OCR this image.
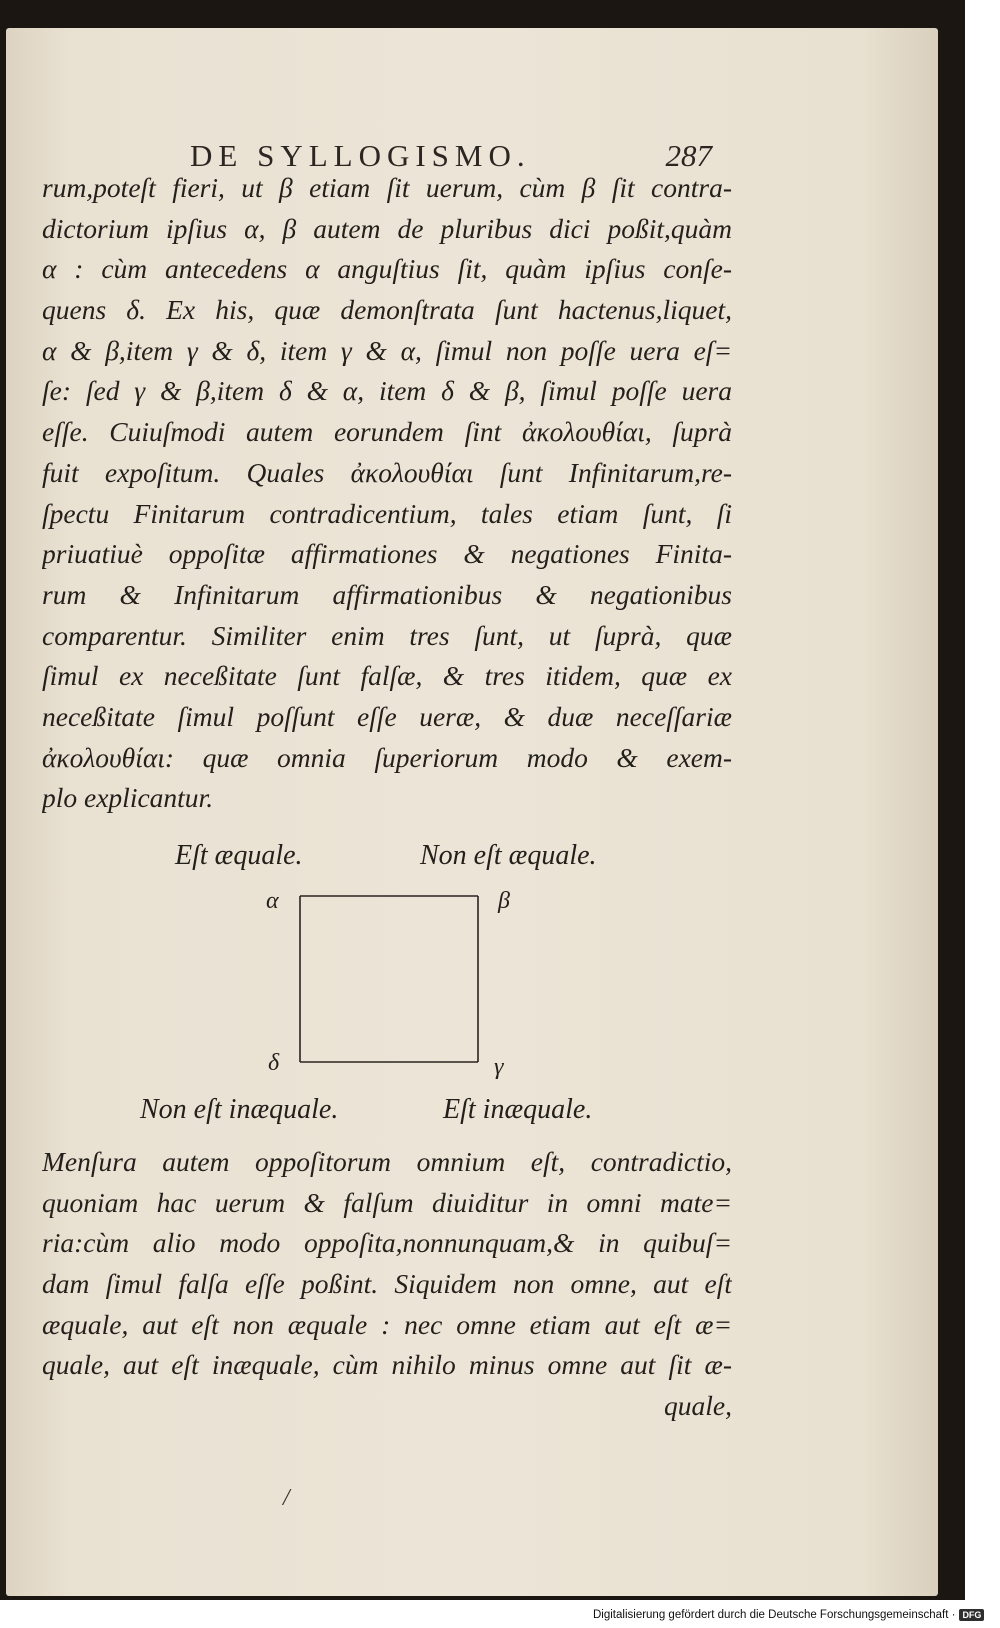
DE SYLLOGISMO.	287
rum,poteſt fieri, ut β etiam ſit uerum, cùm β ſit contra-
dictorium ipſius α, β autem de pluribus dici poßit,quàm
α : cùm antecedens α anguſtius ſit, quàm ipſius conſe-
quens δ. Ex his, quæ demonſtrata ſunt hactenus,liquet,
α & β,item γ & δ, item γ & α, ſimul non poſſe uera eſ=
ſe: ſed γ & β,item δ & α, item δ & β, ſimul poſſe uera
eſſe. Cuiuſmodi autem eorundem ſint ἀκολουθίαι, ſuprà
fuit expoſitum. Quales ἀκολουθίαι ſunt Infinitarum,re-
ſpectu Finitarum contradicentium, tales etiam ſunt, ſi
priuatiuè oppoſitæ affirmationes & negationes Finita-
rum & Infinitarum affirmationibus & negationibus
comparentur. Similiter enim tres ſunt, ut ſuprà, quæ
ſimul ex neceßitate ſunt falſæ, & tres itidem, quæ ex
neceßitate ſimul poſſunt eſſe ueræ, & duæ neceſſariæ
ἀκολουθίαι: quæ omnia ſuperiorum modo & exem-
plo explicantur.
Eſt æquale.	Non eſt æquale.
α	β
δ	γ
Non eſt inæquale.	Eſt inæquale.
Menſura autem oppoſitorum omnium eſt, contradictio,
quoniam hac uerum & falſum diuiditur in omni mate=
ria:cùm alio modo oppoſita,nonnunquam,& in quibuſ=
dam ſimul falſa eſſe poßint. Siquidem non omne, aut eſt
æquale, aut eſt non æquale : nec omne etiam aut eſt æ=
quale, aut eſt inæquale, cùm nihilo minus omne aut ſit æ-
quale,
/
Digitalisierung gefördert durch die Deutsche Forschungsgemeinschaft · DFG
